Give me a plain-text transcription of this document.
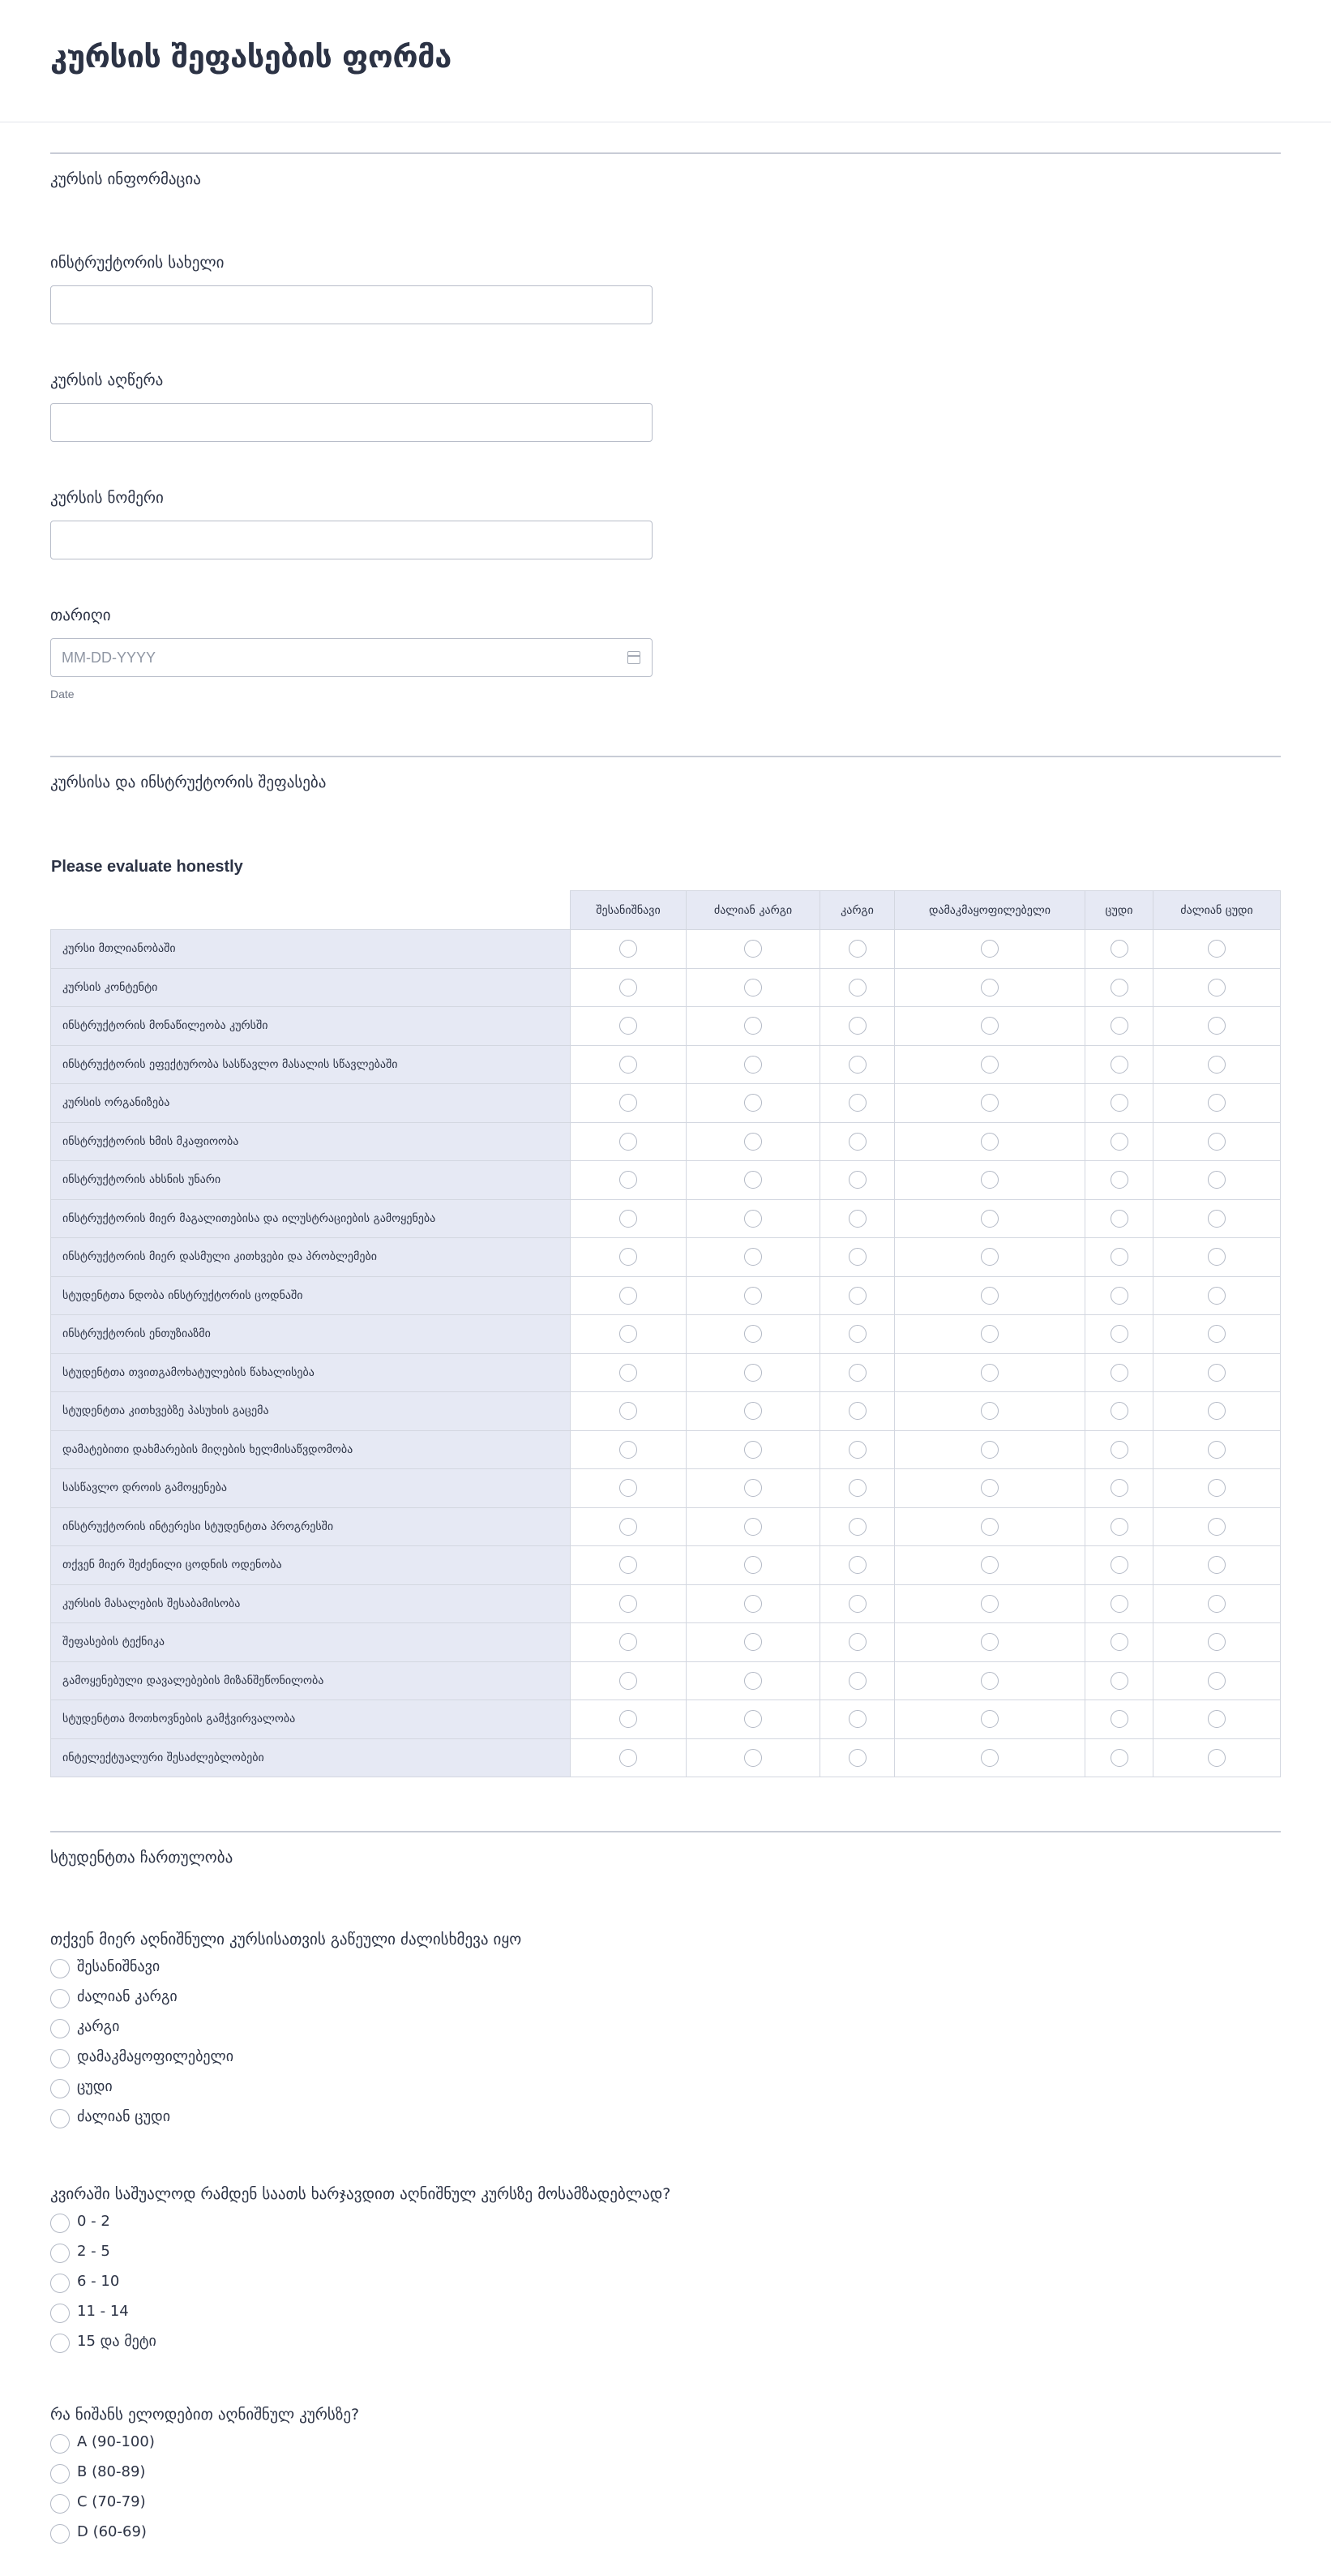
კურსის შეფასების ფორმა
კურსის ინფორმაცია
ინსტრუქტორის სახელი
კურსის აღწერა
კურსის ნომერი
თარიღი
MM-DD-YYYY
Date
კურსისა და ინსტრუქტორის შეფასება
Please evaluate honestly
	შესანიშნავი	ძალიან კარგი	კარგი	დამაკმაყოფილებელი	ცუდი	ძალიან ცუდი
კურსი მთლიანობაში						
კურსის კონტენტი						
ინსტრუქტორის მონაწილეობა კურსში						
ინსტრუქტორის ეფექტურობა სასწავლო მასალის სწავლებაში						
კურსის ორგანიზება						
ინსტრუქტორის ხმის მკაფიოობა						
ინსტრუქტორის ახსნის უნარი						
ინსტრუქტორის მიერ მაგალითებისა და ილუსტრაციების გამოყენება						
ინსტრუქტორის მიერ დასმული კითხვები და პრობლემები						
სტუდენტთა ნდობა ინსტრუქტორის ცოდნაში						
ინსტრუქტორის ენთუზიაზმი						
სტუდენტთა თვითგამოხატულების წახალისება						
სტუდენტთა კითხვებზე პასუხის გაცემა						
დამატებითი დახმარების მიღების ხელმისაწვდომობა						
სასწავლო დროის გამოყენება						
ინსტრუქტორის ინტერესი სტუდენტთა პროგრესში						
თქვენ მიერ შეძენილი ცოდნის ოდენობა						
კურსის მასალების შესაბამისობა						
შეფასების ტექნიკა						
გამოყენებული დავალებების მიზანშეწონილობა						
სტუდენტთა მოთხოვნების გამჭვირვალობა						
ინტელექტუალური შესაძლებლობები						
სტუდენტთა ჩართულობა
თქვენ მიერ აღნიშნული კურსისათვის გაწეული ძალისხმევა იყო
შესანიშნავი
ძალიან კარგი
კარგი
დამაკმაყოფილებელი
ცუდი
ძალიან ცუდი
კვირაში საშუალოდ რამდენ საათს ხარჯავდით აღნიშნულ კურსზე მოსამზადებლად?
0 - 2
2 - 5
6 - 10
11 - 14
15 და მეტი
რა ნიშანს ელოდებით აღნიშნულ კურსზე?
A (90-100)
B (80-89)
C (70-79)
D (60-69)
